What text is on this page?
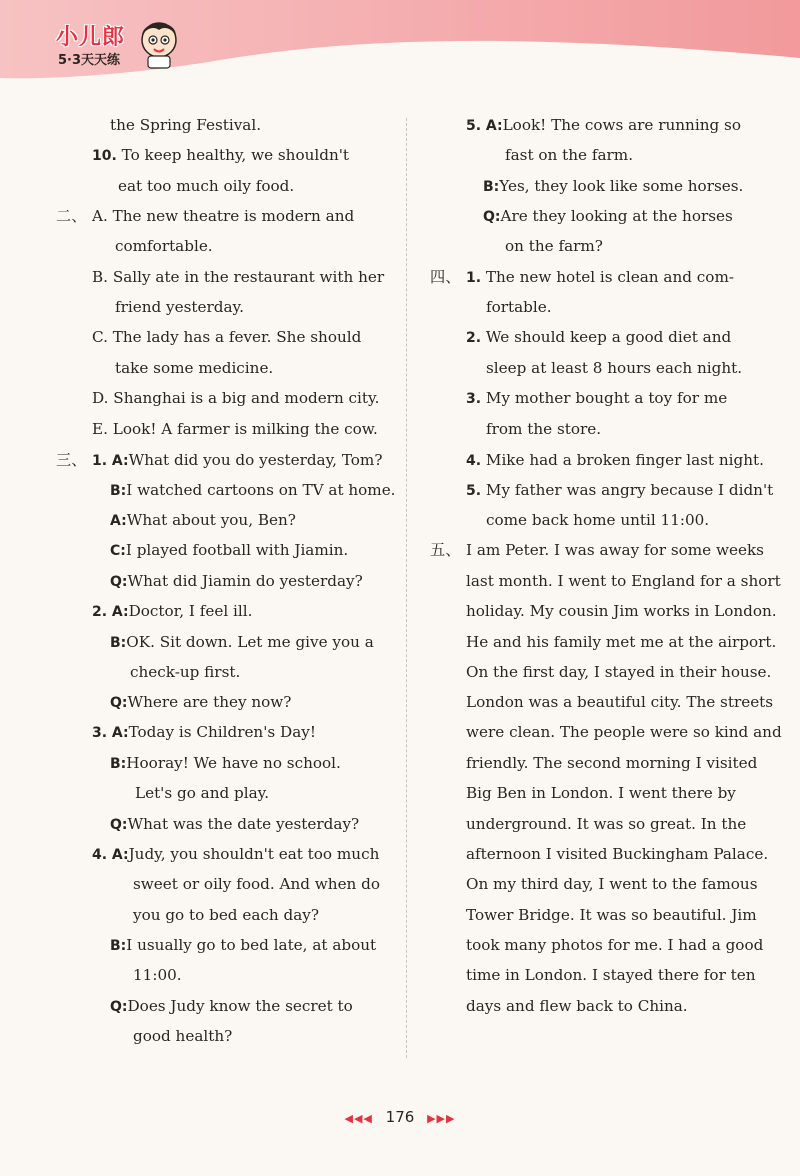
小儿郎
5·3天天练
the Spring Festival.
10. To keep healthy, we shouldn't
eat too much oily food.
二、 A. The new theatre is modern and
comfortable.
B. Sally ate in the restaurant with her
friend yesterday.
C. The lady has a fever. She should
take some medicine.
D. Shanghai is a big and modern city.
E. Look! A farmer is milking the cow.
三、 1. A:What did you do yesterday, Tom?
B:I watched cartoons on TV at home.
A:What about you, Ben?
C:I played football with Jiamin.
Q:What did Jiamin do yesterday?
2. A:Doctor, I feel ill.
B:OK. Sit down. Let me give you a
check-up first.
Q:Where are they now?
3. A:Today is Children's Day!
B:Hooray! We have no school.
Let's go and play.
Q:What was the date yesterday?
4. A:Judy, you shouldn't eat too much
sweet or oily food. And when do
you go to bed each day?
B:I usually go to bed late, at about
11:00.
Q:Does Judy know the secret to
good health?
5. A:Look! The cows are running so
fast on the farm.
B:Yes, they look like some horses.
Q:Are they looking at the horses
on the farm?
四、 1. The new hotel is clean and com-
fortable.
2. We should keep a good diet and
sleep at least 8 hours each night.
3. My mother bought a toy for me
from the store.
4. Mike had a broken finger last night.
5. My father was angry because I didn't
come back home until 11:00.
五、 I am Peter. I was away for some weeks
last month. I went to England for a short
holiday. My cousin Jim works in London.
He and his family met me at the airport.
On the first day, I stayed in their house.
London was a beautiful city. The streets
were clean. The people were so kind and
friendly. The second morning I visited
Big Ben in London. I went there by
underground. It was so great. In the
afternoon I visited Buckingham Palace.
On my third day, I went to the famous
Tower Bridge. It was so beautiful. Jim
took many photos for me. I had a good
time in London. I stayed there for ten
days and flew back to China.
◀◀◀ 176 ▶▶▶
